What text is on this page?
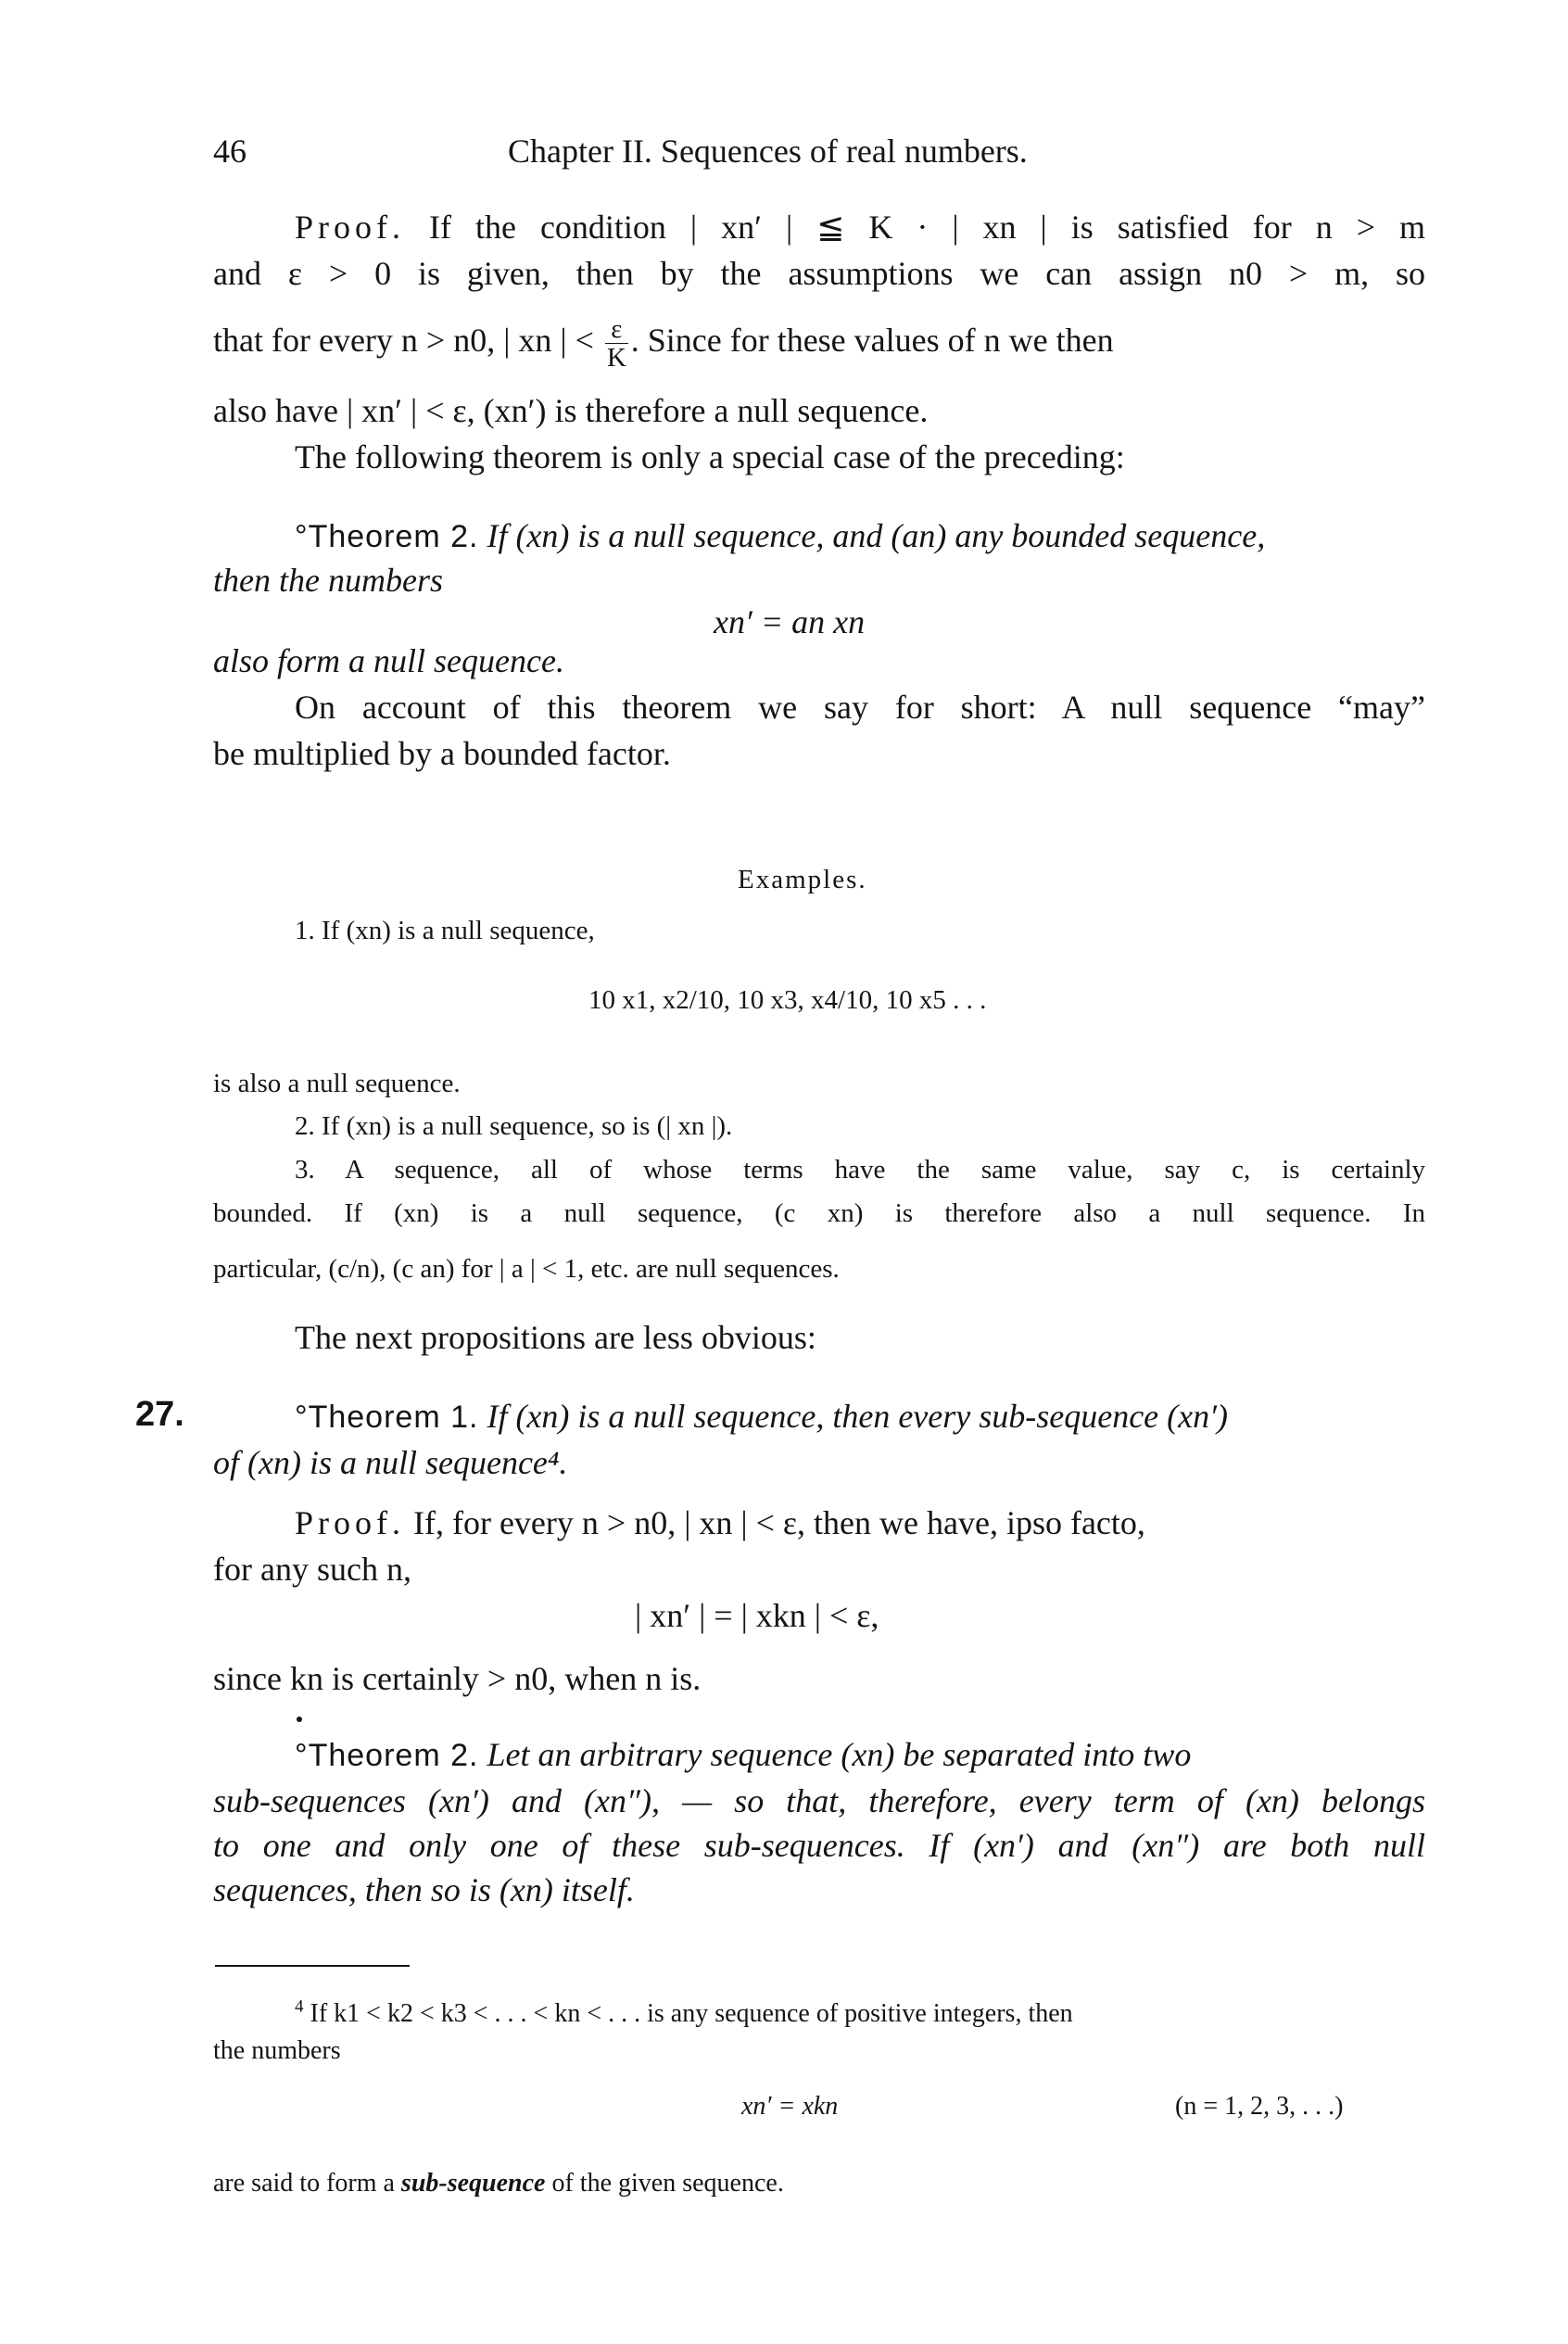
46	Chapter II. Sequences of real numbers.
Proof. If the condition | xn′ | ≦ K · | xn | is satisfied for n > m
and ε > 0 is given, then by the assumptions we can assign n0 > m, so
that for every n > n0, | xn | < $\frac{\varepsilon}{K}$ . Since for these values of n we then
also have | xn′ | < ε, (xn′) is therefore a null sequence.
The following theorem is only a special case of the preceding:
°Theorem 2. If (xn) is a null sequence, and (an) any bounded sequence,
then the numbers
xn′ = an xn
also form a null sequence.
On account of this theorem we say for short: A null sequence “may”
be multiplied by a bounded factor.
Examples.
1. If (xn) is a null sequence,
10 x1, x2/10, 10 x3, x4/10, 10 x5 . . .
is also a null sequence.
2. If (xn) is a null sequence, so is (| xn |).
3. A sequence, all of whose terms have the same value, say c, is certainly
bounded. If (xn) is a null sequence, (c xn) is therefore also a null sequence. In
particular, (c/n), (c an) for | a | < 1, etc. are null sequences.
The next propositions are less obvious:
27.	°Theorem 1. If (xn) is a null sequence, then every sub-sequence (xn′)
of (xn) is a null sequence⁴.
Proof. If, for every n > n0, | xn | < ε, then we have, ipso facto,
for any such n,
| xn′ | = | xkn | < ε,
since kn is certainly > n0, when n is.
°Theorem 2. Let an arbitrary sequence (xn) be separated into two
sub-sequences (xn′) and (xn″), — so that, therefore, every term of (xn) belongs
to one and only one of these sub-sequences. If (xn′) and (xn″) are both null
sequences, then so is (xn) itself.
$^4$ If k1 < k2 < k3 < . . . < kn < . . . is any sequence of positive integers, then
the numbers
xn′ = xkn	(n = 1, 2, 3, . . .)
are said to form a sub-sequence of the given sequence.
